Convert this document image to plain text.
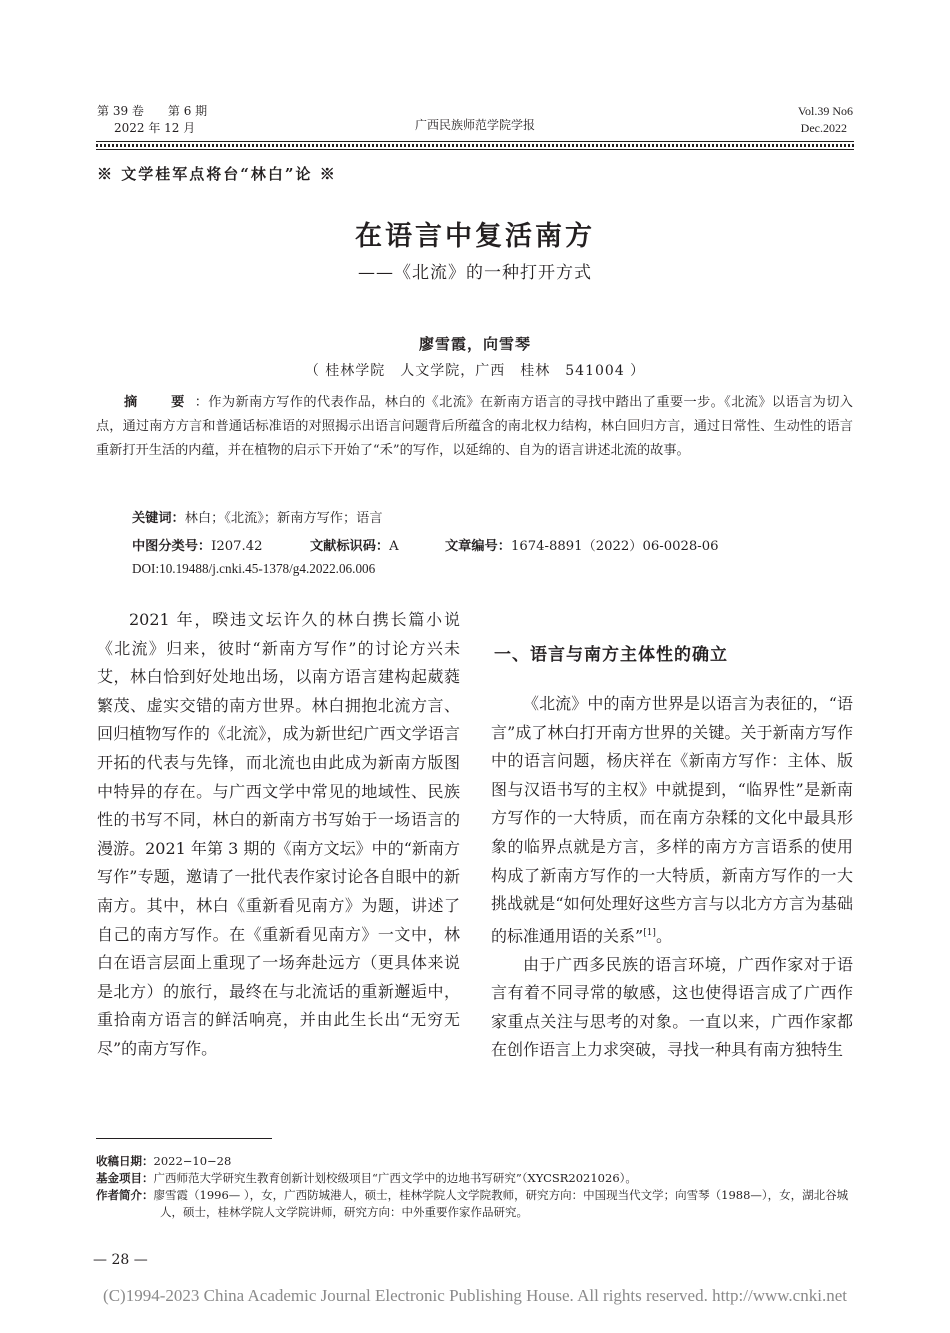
第 39 卷　　第 6 期
2022 年 12 月	广西民族师范学院学报
Vol.39 No6
Dec.2022
※ 文学桂军点将台“林白”论 ※
在语言中复活南方
——《北流》的一种打开方式
廖雪霞，向雪琴
（ 桂林学院　人文学院，广西　桂林　541004 ）
摘　要：作为新南方写作的代表作品，林白的《北流》在新南方语言的寻找中踏出了重要一步。《北流》以语言为切入点，通过南方方言和普通话标准语的对照揭示出语言问题背后所蕴含的南北权力结构，林白回归方言，通过日常性、生动性的语言重新打开生活的内蕴，并在植物的启示下开始了“禾”的写作，以延绵的、自为的语言讲述北流的故事。
关键词：林白；《北流》；新南方写作；语言
中图分类号：I207.42	文献标识码：A	文章编号：1674-8891（2022）06-0028-06
DOI:10.19488/j.cnki.45-1378/g4.2022.06.006

2021 年，暌违文坛许久的林白携长篇小说《北流》归来，彼时“新南方写作”的讨论方兴未艾，林白恰到好处地出场，以南方语言建构起葳蕤繁茂、虚实交错的南方世界。林白拥抱北流方言、回归植物写作的《北流》，成为新世纪广西文学语言开拓的代表与先锋，而北流也由此成为新南方版图中特异的存在。与广西文学中常见的地域性、民族性的书写不同，林白的新南方书写始于一场语言的漫游。2021 年第 3 期的《南方文坛》中的“新南方写作”专题，邀请了一批代表作家讨论各自眼中的新南方。其中，林白《重新看见南方》为题，讲述了自己的南方写作。在《重新看见南方》一文中，林白在语言层面上重现了一场奔赴远方（更具体来说是北方）的旅行，最终在与北流话的重新邂逅中，重拾南方语言的鲜活响亮，并由此生长出“无穷无尽”的南方写作。

一、语言与南方主体性的确立

《北流》中的南方世界是以语言为表征的，“语言”成了林白打开南方世界的关键。关于新南方写作中的语言问题，杨庆祥在《新南方写作：主体、版图与汉语书写的主权》中就提到，“临界性”是新南方写作的一大特质，而在南方杂糅的文化中最具形象的临界点就是方言，多样的南方方言语系的使用构成了新南方写作的一大特质，新南方写作的一大挑战就是“如何处理好这些方言与以北方方言为基础的标准通用语的关系”[1]。

由于广西多民族的语言环境，广西作家对于语言有着不同寻常的敏感，这也使得语言成了广西作家重点关注与思考的对象。一直以来，广西作家都在创作语言上力求突破，寻找一种具有南方独特生

收稿日期：2022−10−28
基金项目：广西师范大学研究生教育创新计划校级项目“广西文学中的边地书写研究”（XYCSR2021026）。
作者简介：廖雪霞（1996— ），女，广西防城港人，硕士，桂林学院人文学院教师，研究方向：中国现当代文学；向雪琴（1988—），女，湖北谷城人，硕士，桂林学院人文学院讲师，研究方向：中外重要作家作品研究。
— 28 —
(C)1994-2023 China Academic Journal Electronic Publishing House. All rights reserved. http://www.cnki.net
